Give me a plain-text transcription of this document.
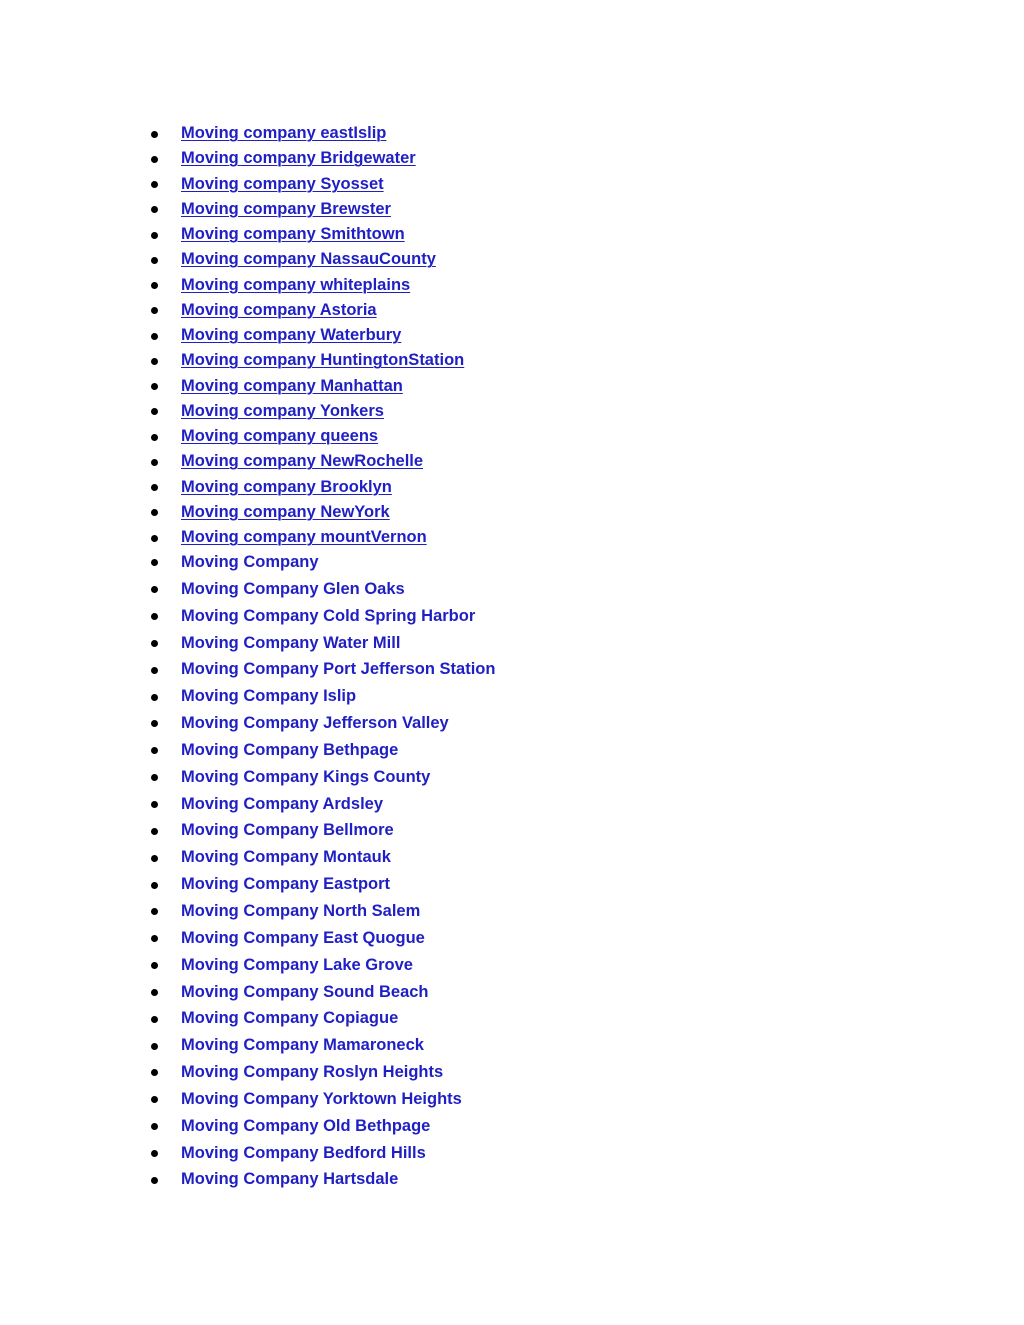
Moving company eastIslip
Moving company Bridgewater
Moving company Syosset
Moving company Brewster
Moving company Smithtown
Moving company NassauCounty
Moving company whiteplains
Moving company Astoria
Moving company Waterbury
Moving company HuntingtonStation
Moving company Manhattan
Moving company Yonkers
Moving company queens
Moving company NewRochelle
Moving company Brooklyn
Moving company NewYork
Moving company mountVernon
Moving Company
Moving Company Glen Oaks
Moving Company Cold Spring Harbor
Moving Company Water Mill
Moving Company Port Jefferson Station
Moving Company Islip
Moving Company Jefferson Valley
Moving Company Bethpage
Moving Company Kings County
Moving Company Ardsley
Moving Company Bellmore
Moving Company Montauk
Moving Company Eastport
Moving Company North Salem
Moving Company East Quogue
Moving Company Lake Grove
Moving Company Sound Beach
Moving Company Copiague
Moving Company Mamaroneck
Moving Company Roslyn Heights
Moving Company Yorktown Heights
Moving Company Old Bethpage
Moving Company Bedford Hills
Moving Company Hartsdale
